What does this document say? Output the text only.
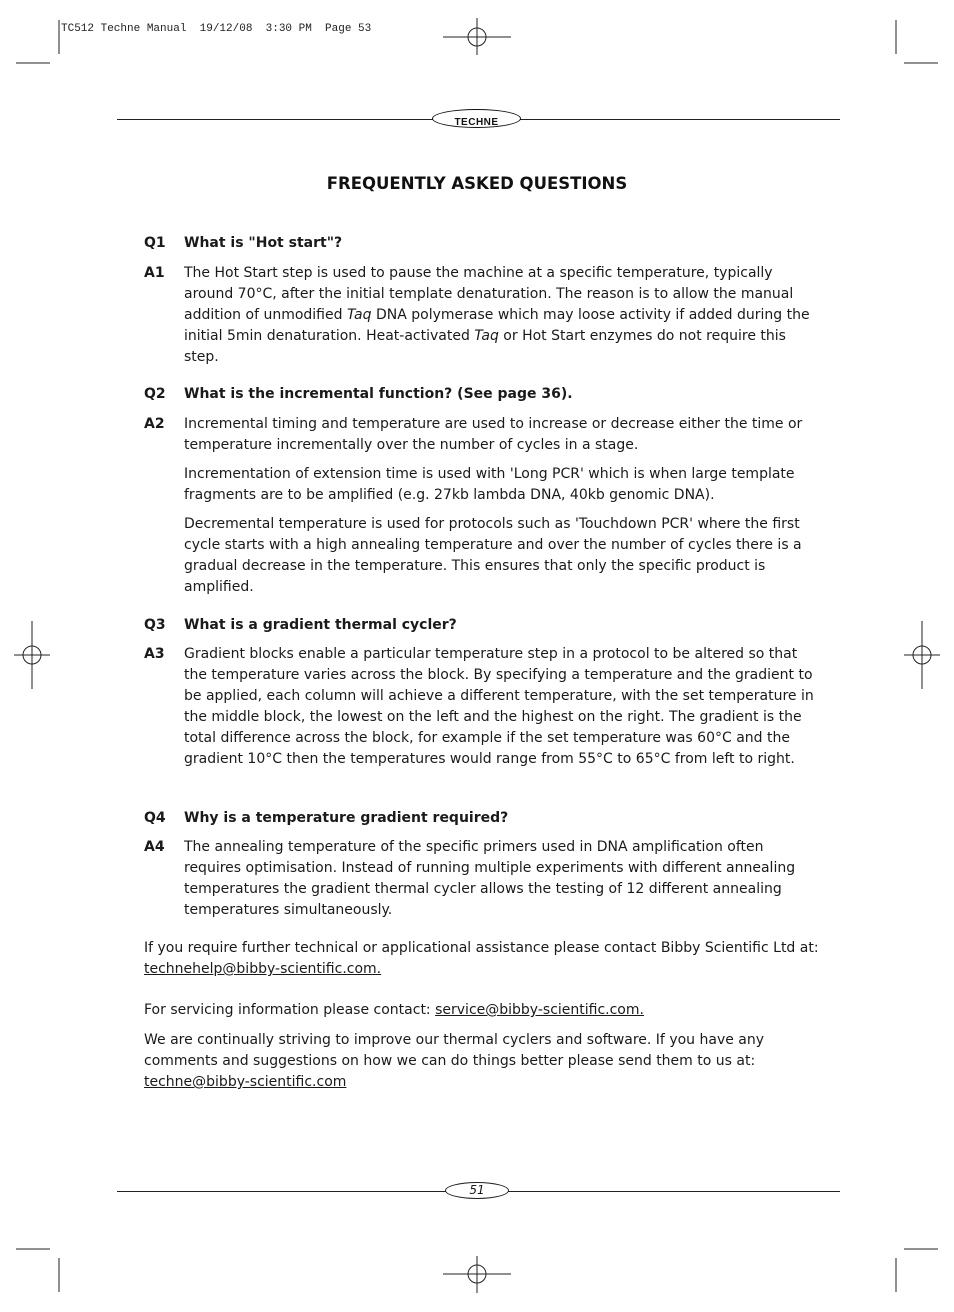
TC512 Techne Manual  19/12/08  3:30 PM  Page 53
TECHNE
FREQUENTLY ASKED QUESTIONS
Q1 What is "Hot start"?
A1 The Hot Start step is used to pause the machine at a specific temperature, typically around 70°C, after the initial template denaturation. The reason is to allow the manual addition of unmodified Taq DNA polymerase which may loose activity if added during the initial 5min denaturation. Heat-activated Taq or Hot Start enzymes do not require this step.
Q2 What is the incremental function? (See page 36).
A2 Incremental timing and temperature are used to increase or decrease either the time or temperature incrementally over the number of cycles in a stage.

Incrementation of extension time is used with 'Long PCR' which is when large template fragments are to be amplified (e.g. 27kb lambda DNA, 40kb genomic DNA).

Decremental temperature is used for protocols such as 'Touchdown PCR' where the first cycle starts with a high annealing temperature and over the number of cycles there is a gradual decrease in the temperature. This ensures that only the specific product is amplified.

Q3 What is a gradient thermal cycler?
A3 Gradient blocks enable a particular temperature step in a protocol to be altered so that the temperature varies across the block. By specifying a temperature and the gradient to be applied, each column will achieve a different temperature, with the set temperature in the middle block, the lowest on the left and the highest on the right. The gradient is the total difference across the block, for example if the set temperature was 60°C and the gradient 10°C then the temperatures would range from 55°C to 65°C from left to right.

Q4 Why is a temperature gradient required?
A4 The annealing temperature of the specific primers used in DNA amplification often requires optimisation. Instead of running multiple experiments with different annealing temperatures the gradient thermal cycler allows the testing of 12 different annealing temperatures simultaneously.

If you require further technical or applicational assistance please contact Bibby Scientific Ltd at:
technehelp@bibby-scientific.com.
For servicing information please contact: service@bibby-scientific.com.
We are continually striving to improve our thermal cyclers and software. If you have any comments and suggestions on how we can do things better please send them to us at:
techne@bibby-scientific.com
51
